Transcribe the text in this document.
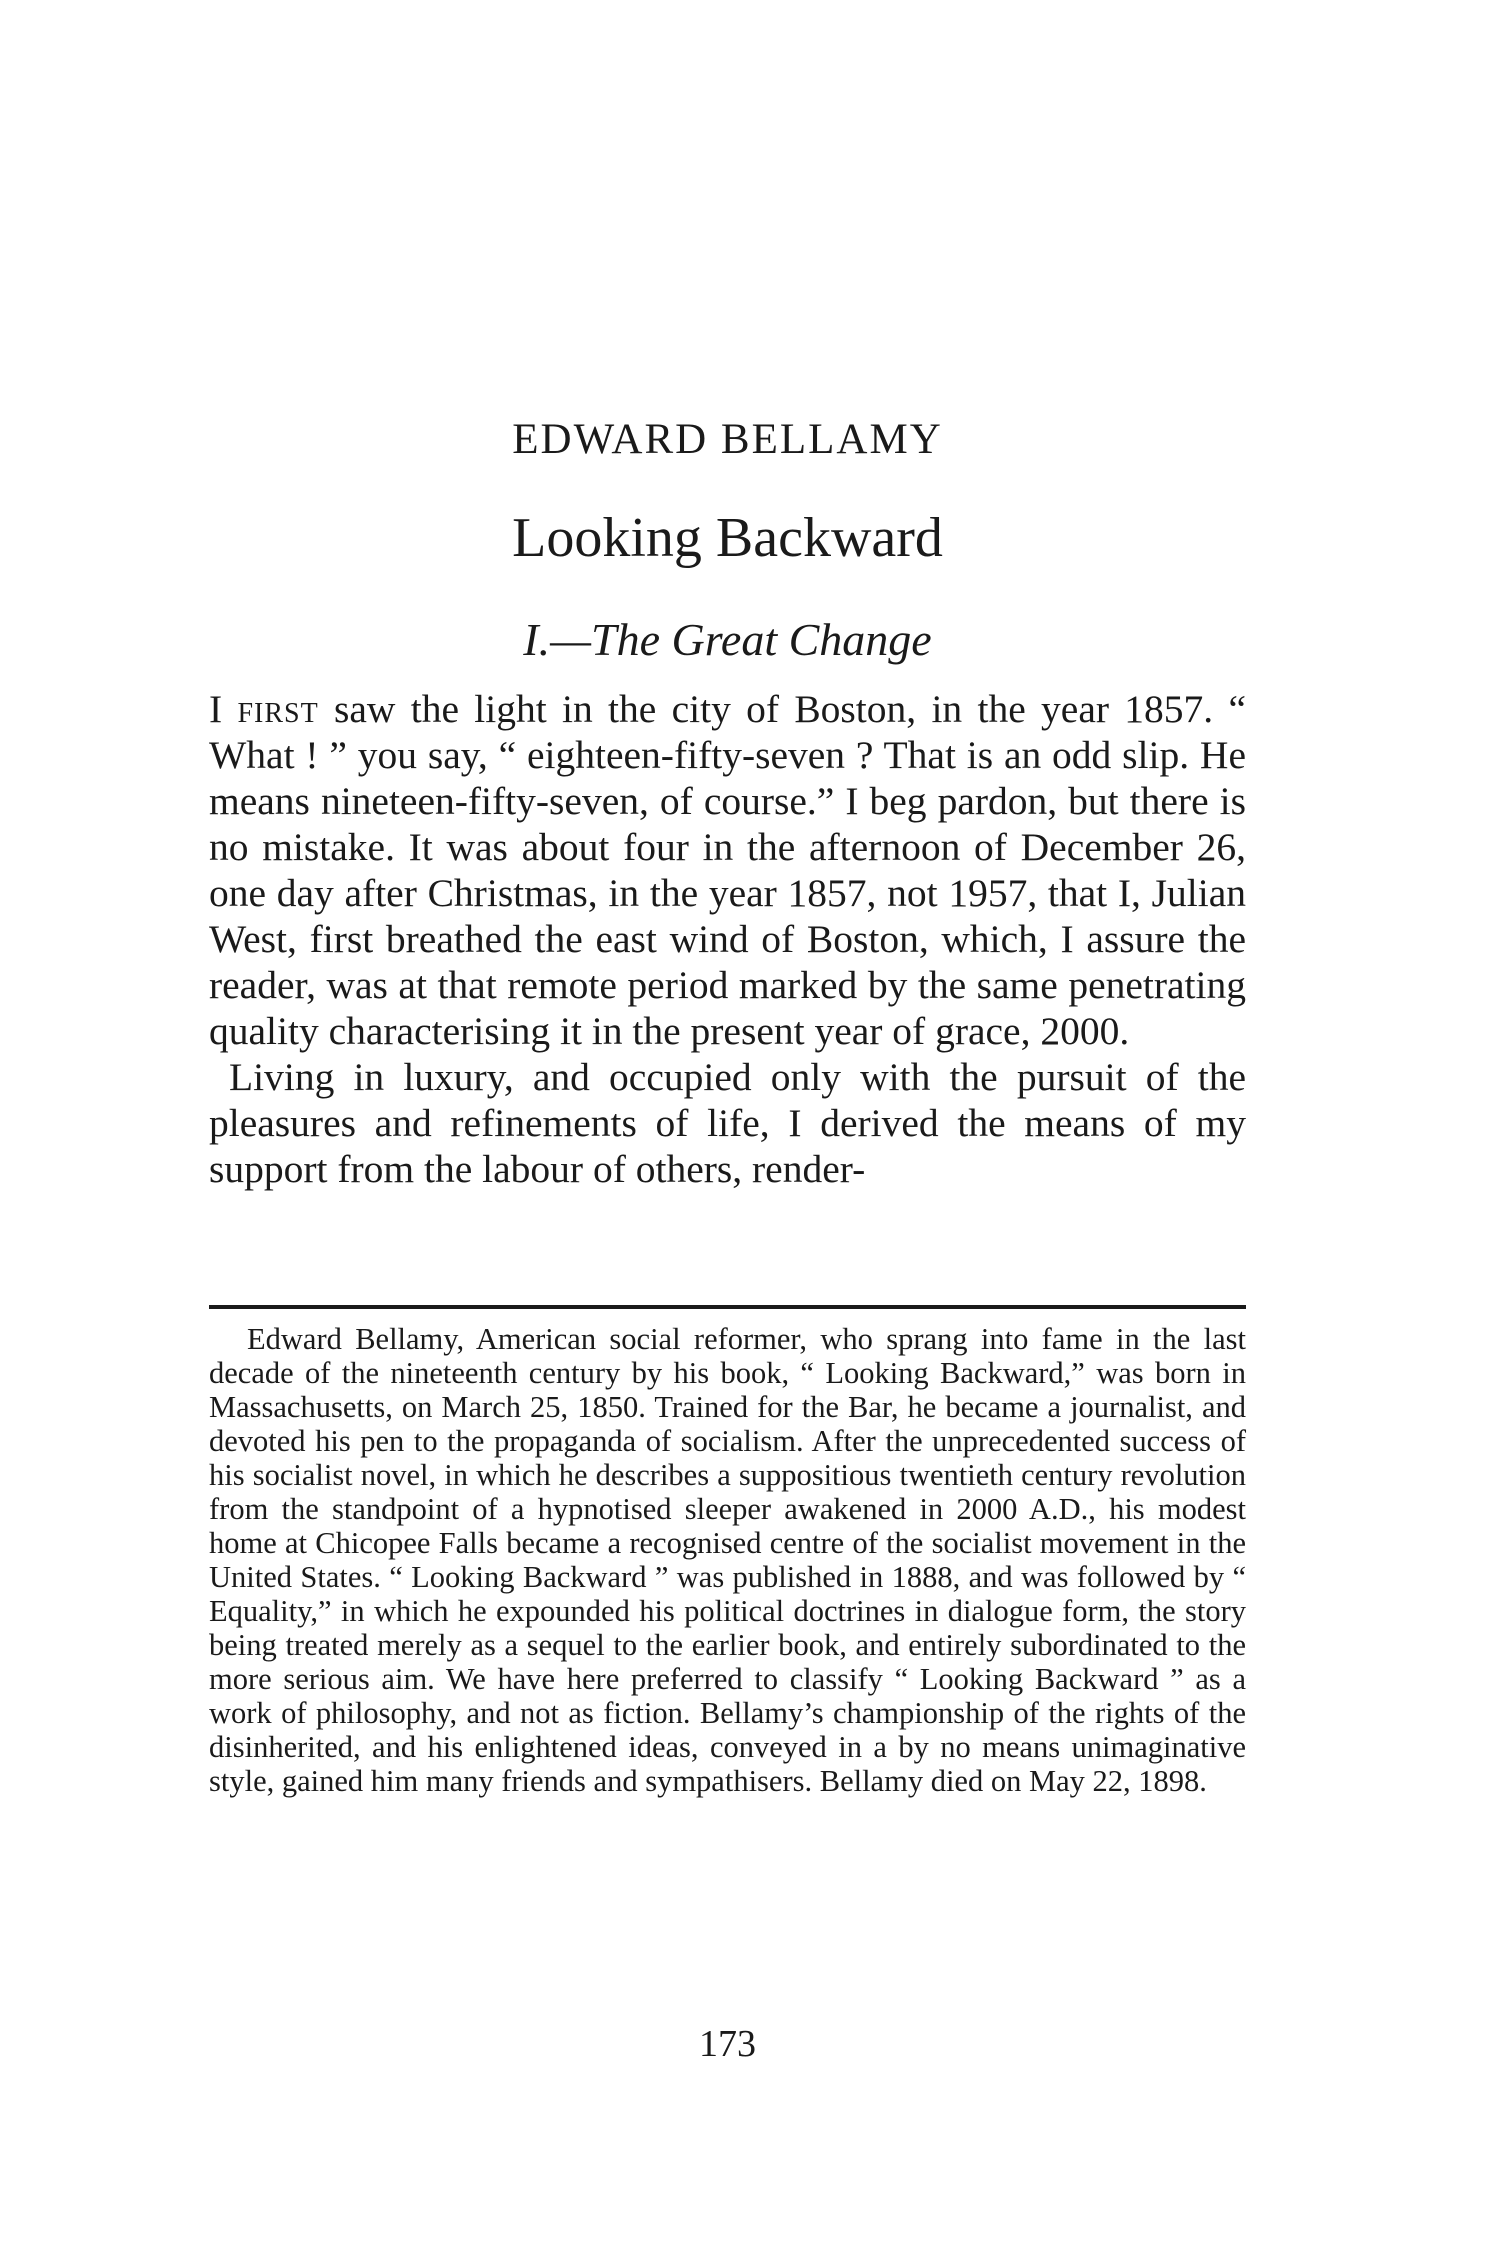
EDWARD BELLAMY
Looking Backward
I.—The Great Change

I first saw the light in the city of Boston, in the year 1857. “ What ! ” you say, “ eighteen-fifty-seven ? That is an odd slip. He means nineteen-fifty-seven, of course.” I beg pardon, but there is no mistake. It was about four in the afternoon of December 26, one day after Christmas, in the year 1857, not 1957, that I, Julian West, first breathed the east wind of Boston, which, I assure the reader, was at that remote period marked by the same penetrating quality characterising it in the present year of grace, 2000.

Living in luxury, and occupied only with the pursuit of the pleasures and refinements of life, I derived the means of my support from the labour of others, render-

Edward Bellamy, American social reformer, who sprang into fame in the last decade of the nineteenth century by his book, “ Looking Backward,” was born in Massachusetts, on March 25, 1850. Trained for the Bar, he became a journalist, and devoted his pen to the propaganda of socialism. After the unprecedented success of his socialist novel, in which he describes a suppositious twentieth century revolution from the standpoint of a hypnotised sleeper awakened in 2000 A.D., his modest home at Chicopee Falls became a recognised centre of the socialist movement in the United States. “ Looking Backward ” was published in 1888, and was followed by “ Equality,” in which he expounded his political doctrines in dialogue form, the story being treated merely as a sequel to the earlier book, and entirely subordinated to the more serious aim. We have here preferred to classify “ Looking Backward ” as a work of philosophy, and not as fiction. Bellamy’s championship of the rights of the disinherited, and his enlightened ideas, conveyed in a by no means unimaginative style, gained him many friends and sympathisers. Bellamy died on May 22, 1898.

173
